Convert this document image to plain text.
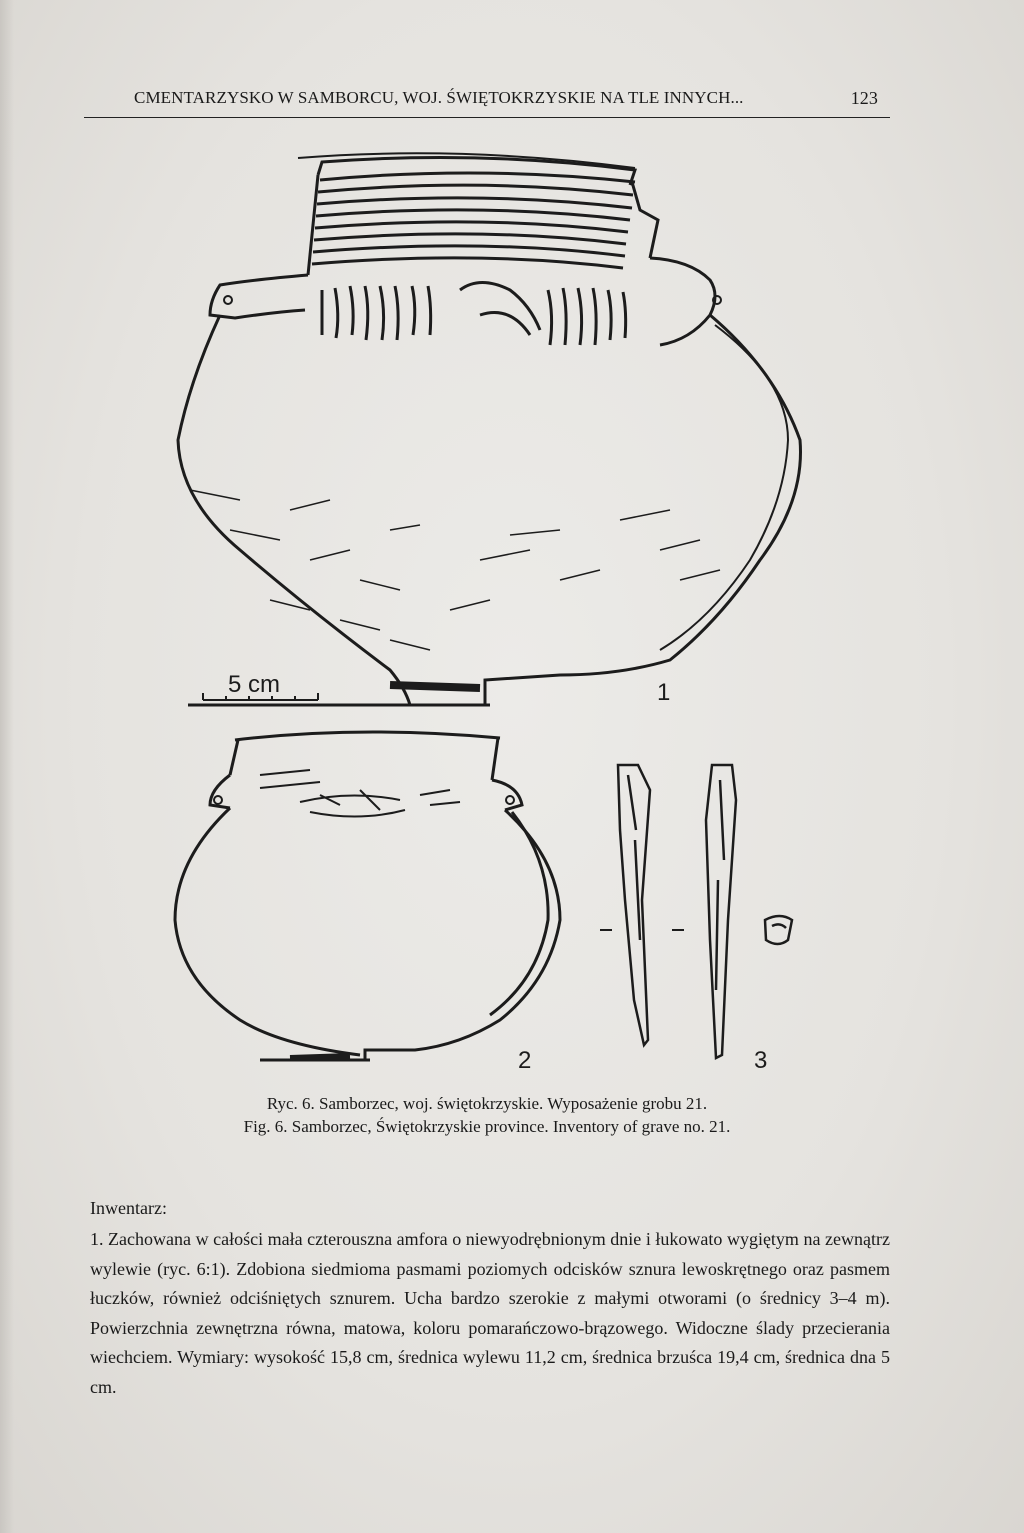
CMENTARZYSKO W SAMBORCU, WOJ. ŚWIĘTOKRZYSKIE NA TLE INNYCH...	123
5 cm	1
2	3
Ryc. 6. Samborzec, woj. świętokrzyskie. Wyposażenie grobu 21.
Fig. 6. Samborzec, Świętokrzyskie province. Inventory of grave no. 21.
Inwentarz:
1. Zachowana w całości mała czterouszna amfora o niewyodrębnionym dnie i łukowato wygiętym na zewnątrz wylewie (ryc. 6:1). Zdobiona siedmioma pasmami poziomych odcisków sznura lewoskrętnego oraz pasmem łuczków, również odciśniętych sznurem. Ucha bardzo szerokie z małymi otworami (o średnicy 3–4 m). Powierzchnia zewnętrzna równa, matowa, koloru pomarańczowo-brązowego. Widoczne ślady przecierania wiechciem. Wymiary: wysokość 15,8 cm, średnica wylewu 11,2 cm, średnica brzuśca 19,4 cm, średnica dna 5 cm.
